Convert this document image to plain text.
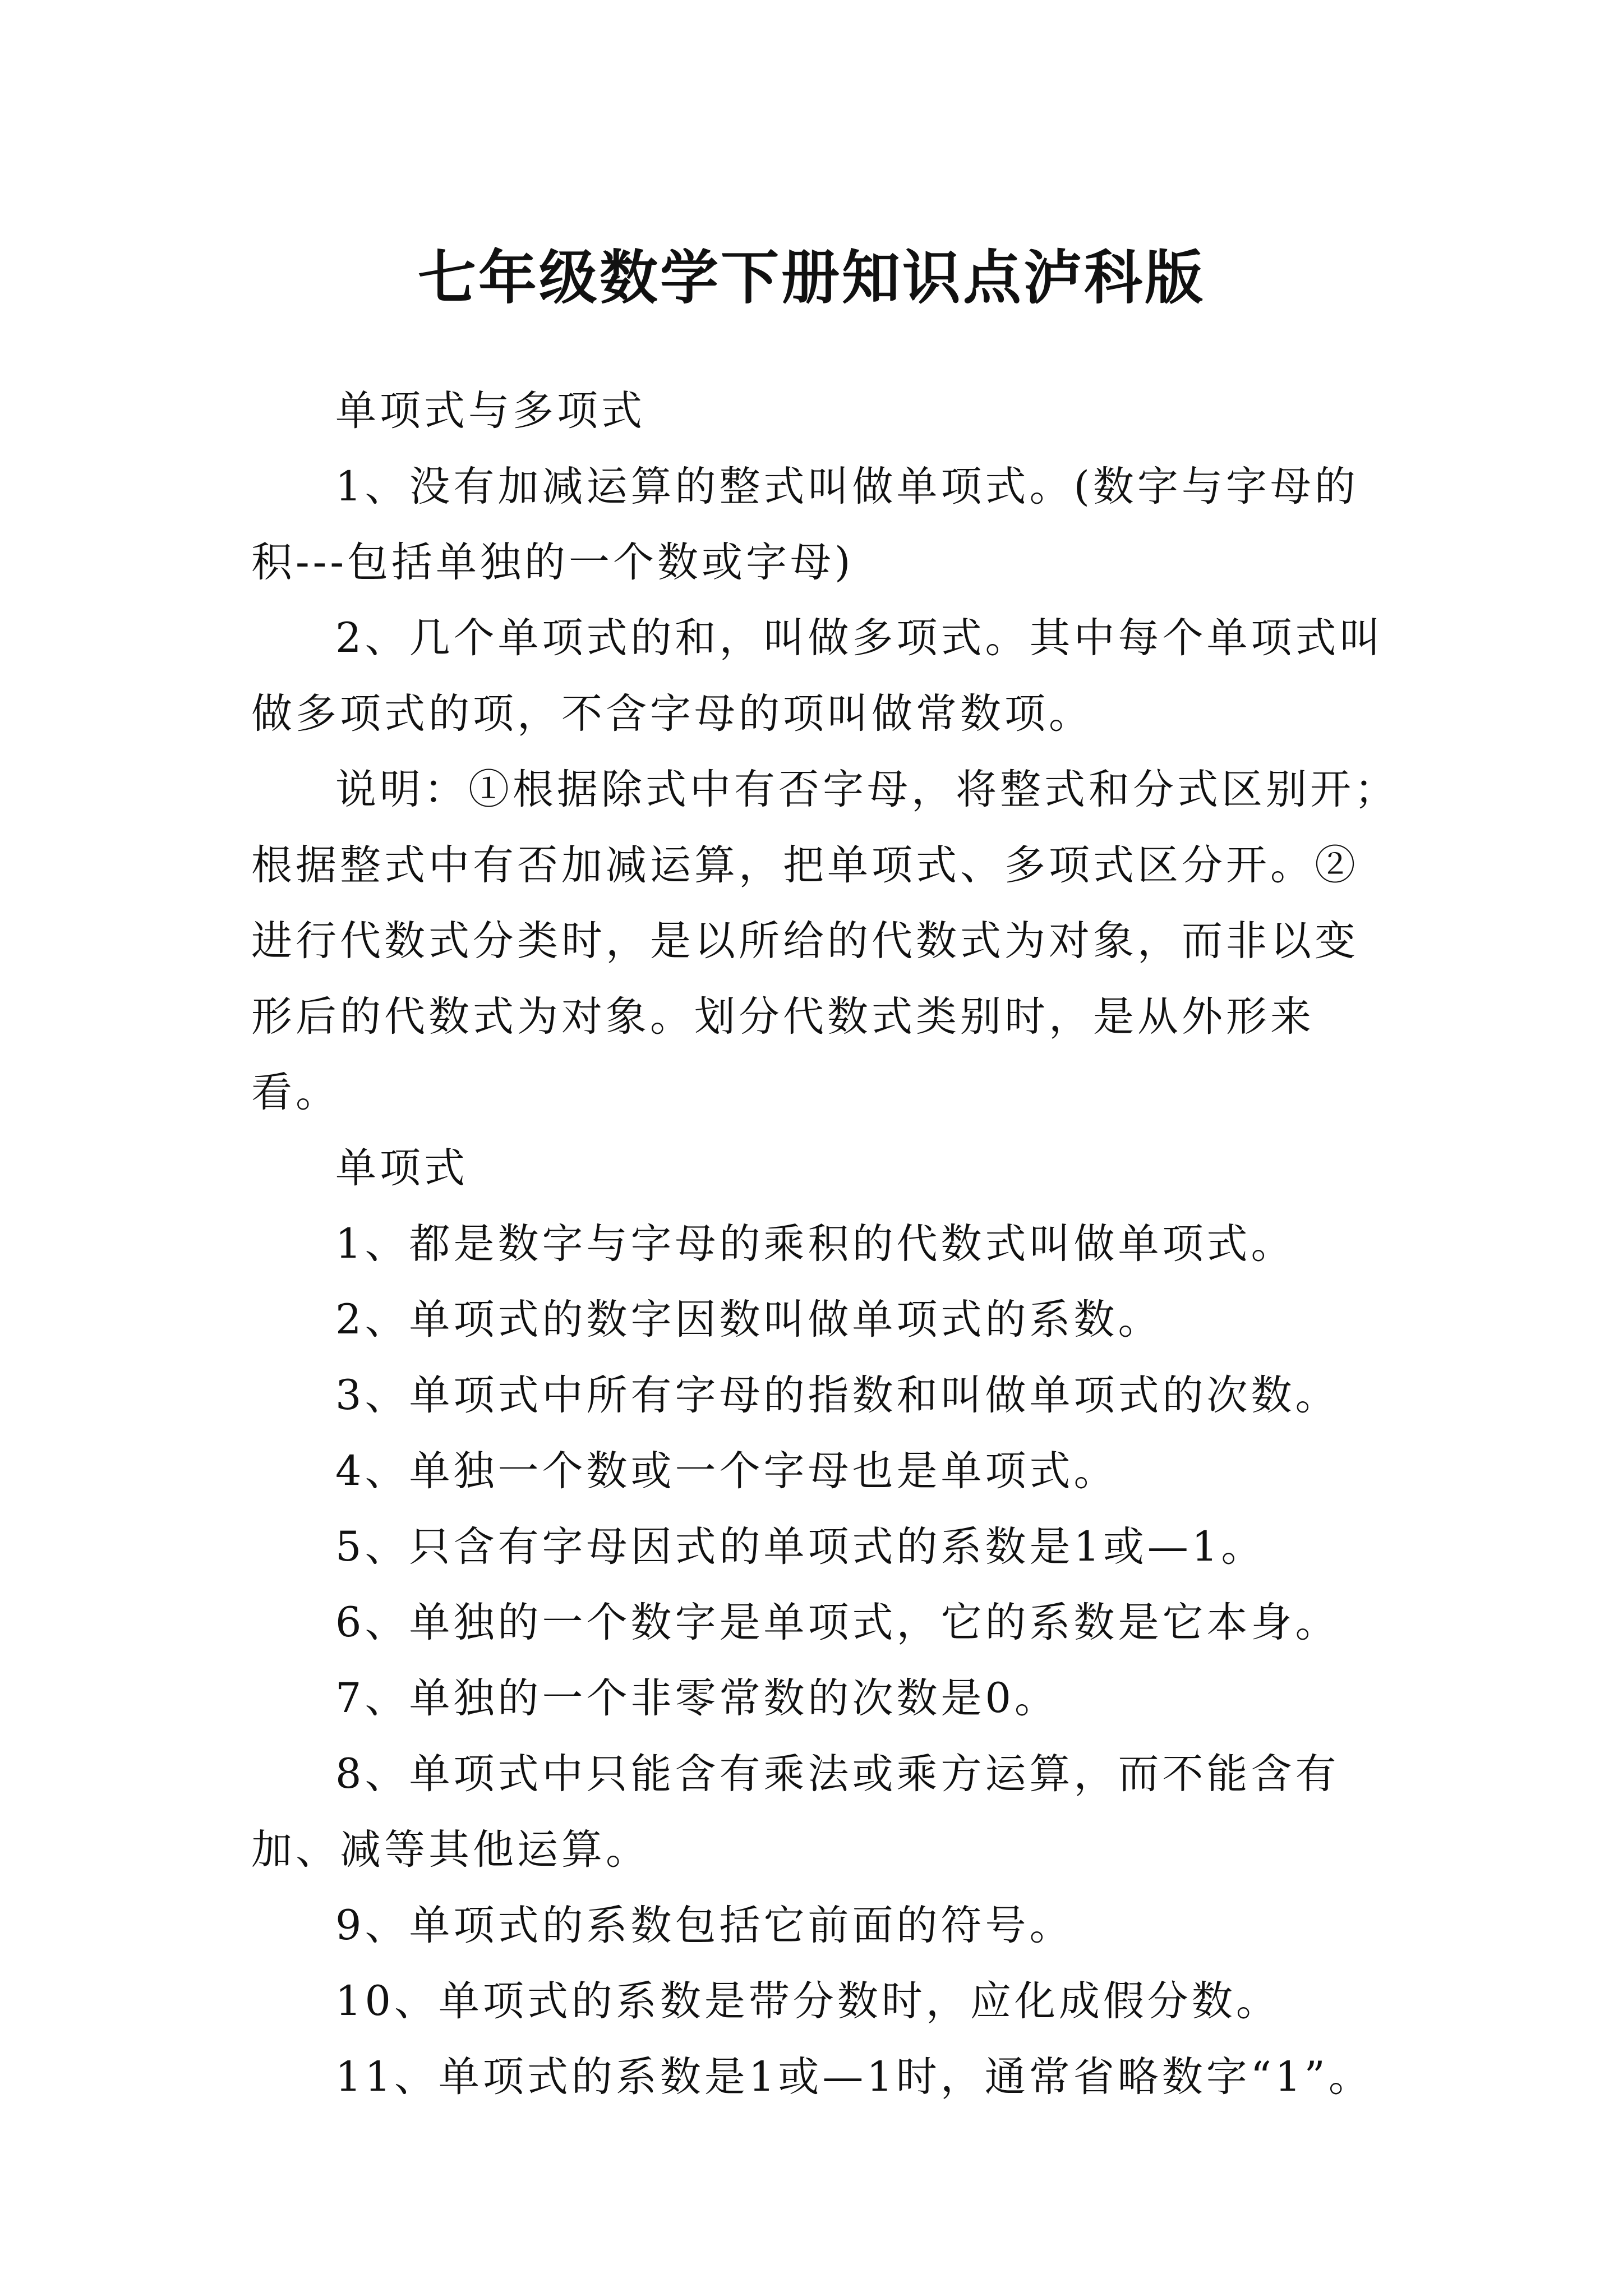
七年级数学下册知识点泸科版

单项式与多项式

1、没有加减运算的整式叫做单项式。(数字与字母的积---包括单独的一个数或字母)

2、几个单项式的和，叫做多项式。其中每个单项式叫做多项式的项，不含字母的项叫做常数项。

说明：①根据除式中有否字母，将整式和分式区别开；根据整式中有否加减运算，把单项式、多项式区分开。②进行代数式分类时，是以所给的代数式为对象，而非以变形后的代数式为对象。划分代数式类别时，是从外形来看。

单项式

1、都是数字与字母的乘积的代数式叫做单项式。

2、单项式的数字因数叫做单项式的系数。

3、单项式中所有字母的指数和叫做单项式的次数。

4、单独一个数或一个字母也是单项式。

5、只含有字母因式的单项式的系数是1或—1。

6、单独的一个数字是单项式，它的系数是它本身。

7、单独的一个非零常数的次数是0。

8、单项式中只能含有乘法或乘方运算，而不能含有加、减等其他运算。

9、单项式的系数包括它前面的符号。

10、单项式的系数是带分数时，应化成假分数。

11、单项式的系数是1或—1时，通常省略数字“1”。
